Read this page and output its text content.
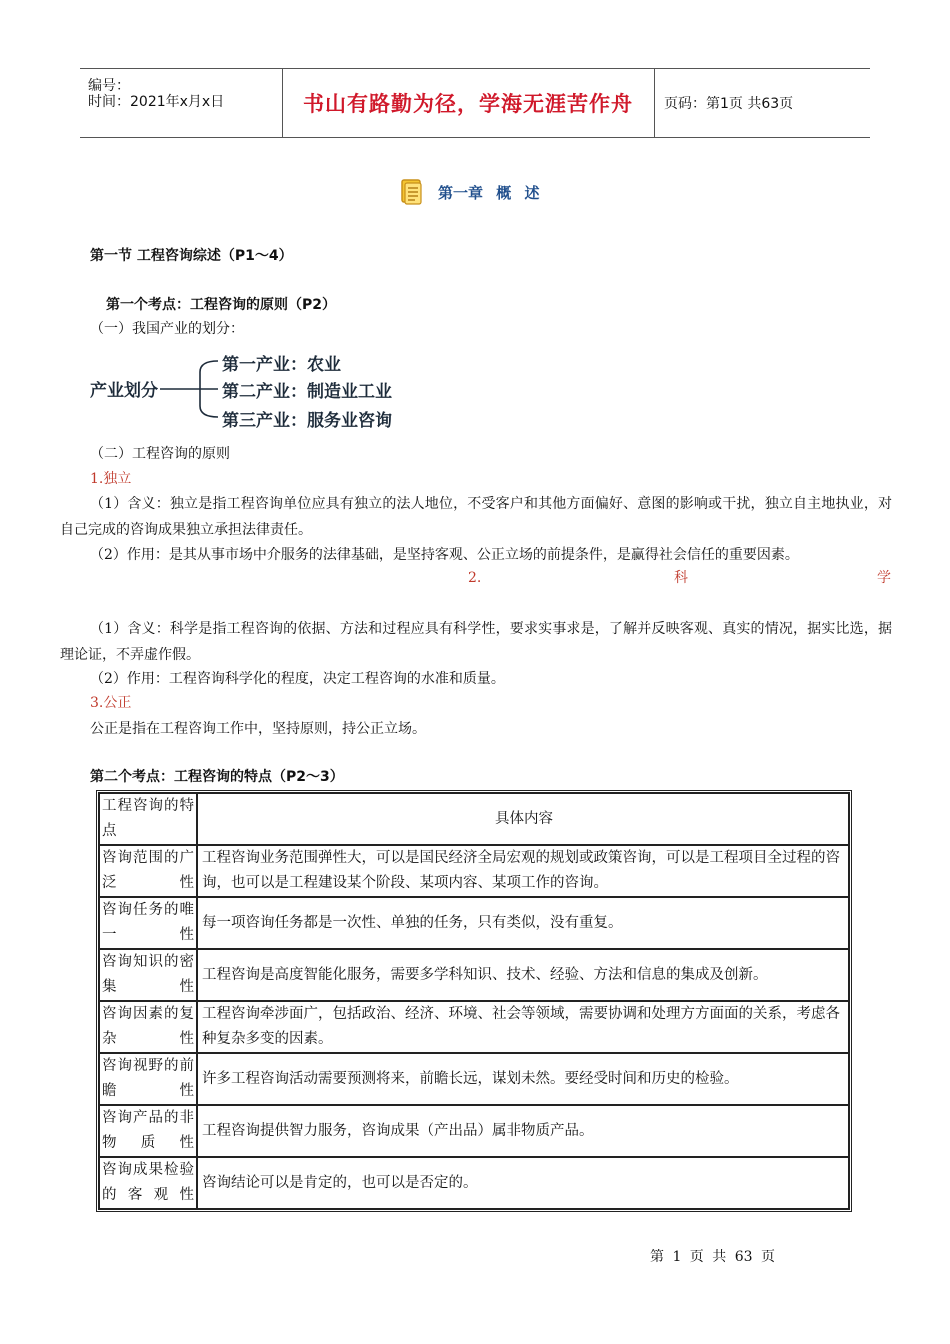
编号：
时间：2021年x月x日	书山有路勤为径，学海无涯苦作舟 页码：第1页 共63页
第一章 概 述

第一节 工程咨询综述（P1～4）

第一个考点：工程咨询的原则（P2）

（一）我国产业的划分：

产业划分
第一产业：农业
第二产业：制造业工业
第三产业：服务业咨询

（二）工程咨询的原则

1.独立

（1）含义：独立是指工程咨询单位应具有独立的法人地位，不受客户和其他方面偏好、意图的影响或干扰，独立自主地执业，对自己完成的咨询成果独立承担法律责任。

（2）作用：是其从事市场中介服务的法律基础，是坚持客观、公正立场的前提条件，是赢得社会信任的重要因素。

2.	科	学

（1）含义：科学是指工程咨询的依据、方法和过程应具有科学性，要求实事求是，了解并反映客观、真实的情况，据实比选，据理论证，不弄虚作假。

（2）作用：工程咨询科学化的程度，决定工程咨询的水准和质量。

3.公正

公正是指在工程咨询工作中，坚持原则，持公正立场。

第二个考点：工程咨询的特点（P2～3）

工程咨询的特点	具体内容
咨询范围的广泛性	工程咨询业务范围弹性大，可以是国民经济全局宏观的规划或政策咨询，可以是工程项目全过程的咨询，也可以是工程建设某个阶段、某项内容、某项工作的咨询。
咨询任务的唯一性	每一项咨询任务都是一次性、单独的任务，只有类似，没有重复。
咨询知识的密集性	工程咨询是高度智能化服务，需要多学科知识、技术、经验、方法和信息的集成及创新。
咨询因素的复杂性	工程咨询牵涉面广，包括政治、经济、环境、社会等领域，需要协调和处理方方面面的关系，考虑各种复杂多变的因素。
咨询视野的前瞻性	许多工程咨询活动需要预测将来，前瞻长远，谋划未然。要经受时间和历史的检验。
咨询产品的非物质性	工程咨询提供智力服务，咨询成果（产出品）属非物质产品。
咨询成果检验的客观性	咨询结论可以是肯定的，也可以是否定的。
第 1 页 共 63 页
